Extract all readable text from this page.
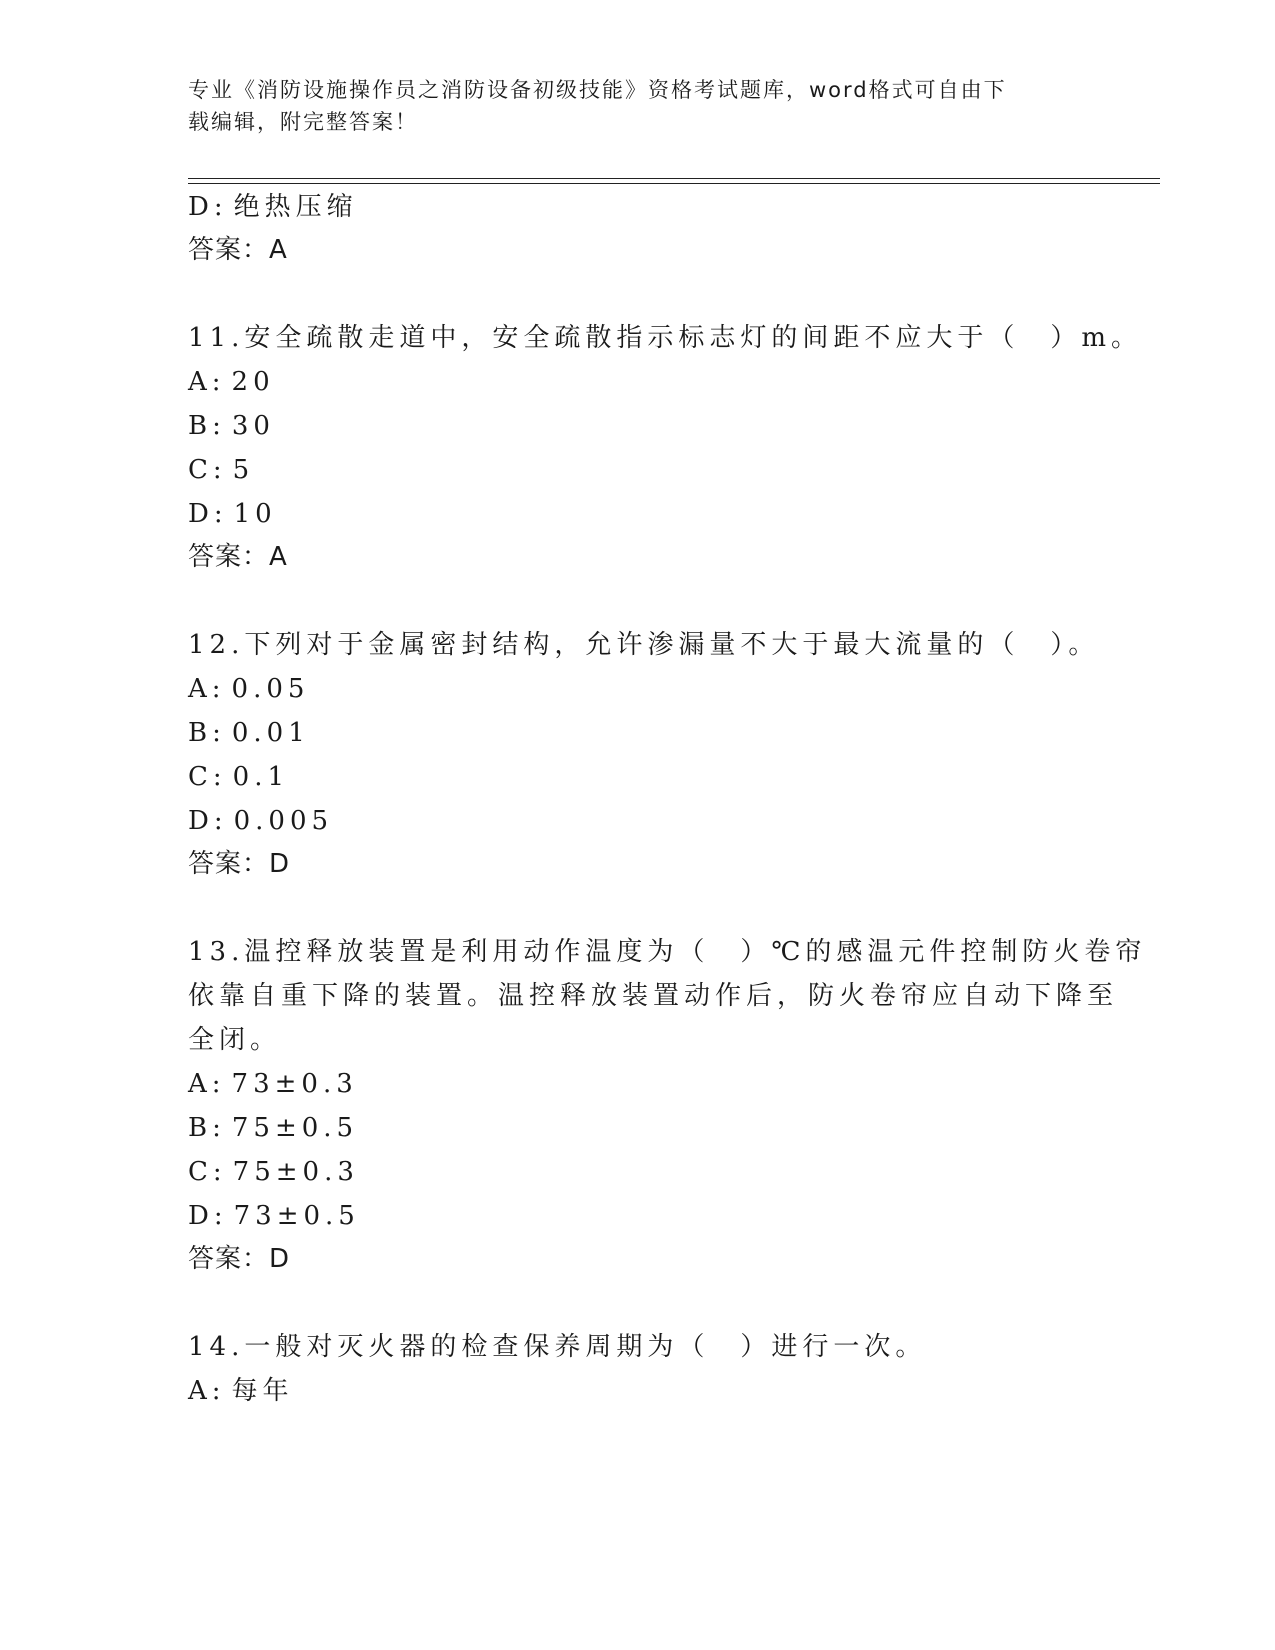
专业《消防设施操作员之消防设备初级技能》资格考试题库，word格式可自由下
载编辑，附完整答案！
D: 绝热压缩
答案：A
11.安全疏散走道中，安全疏散指示标志灯的间距不应大于（　）m。
A: 20
B: 30
C: 5
D: 10
答案：A
12.下列对于金属密封结构，允许渗漏量不大于最大流量的（　）。
A: 0.05
B: 0.01
C: 0.1
D: 0.005
答案：D
13.温控释放装置是利用动作温度为（　）℃的感温元件控制防火卷帘
依靠自重下降的装置。温控释放装置动作后，防火卷帘应自动下降至
全闭。
A: 73±0.3
B: 75±0.5
C: 75±0.3
D: 73±0.5
答案：D
14.一般对灭火器的检查保养周期为（　）进行一次。
A: 每年
